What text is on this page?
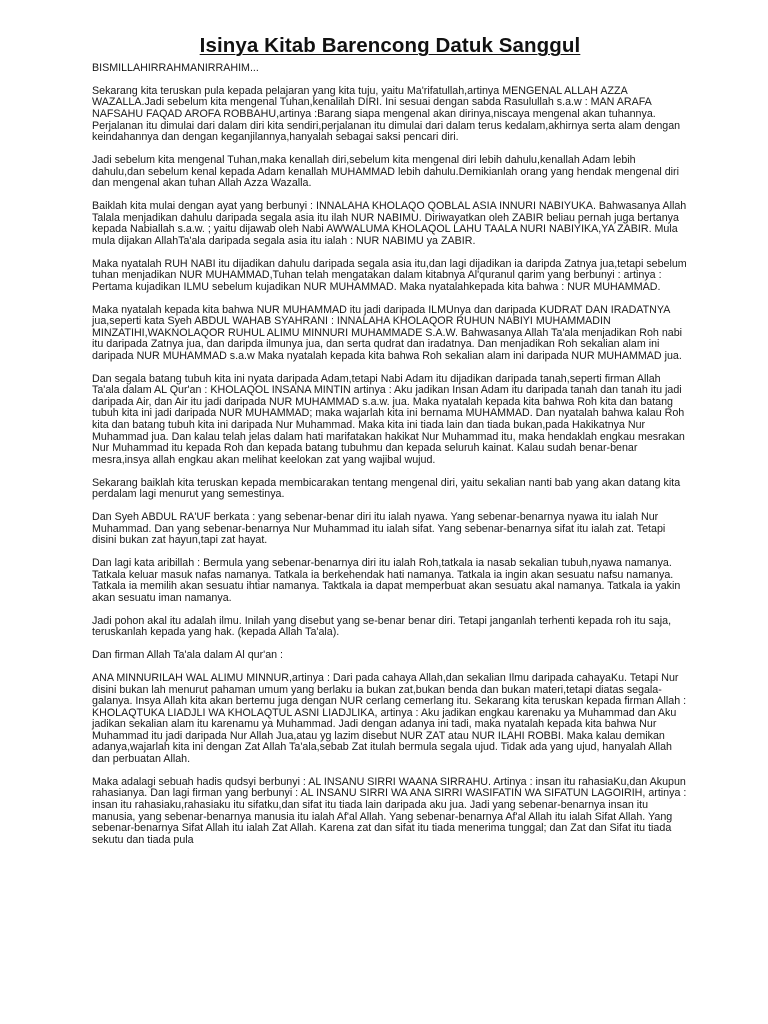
Isinya Kitab Barencong Datuk Sanggul

BISMILLAHIRRAHMANIRRAHIM...

Sekarang kita teruskan pula kepada pelajaran yang kita tuju, yaitu Ma'rifatullah,artinya MENGENAL ALLAH AZZA WAZALLA.Jadi sebelum kita mengenal Tuhan,kenalilah DIRI. Ini sesuai dengan sabda Rasulullah s.a.w : MAN ARAFA NAFSAHU FAQAD AROFA ROBBAHU,artinya :Barang siapa mengenal akan dirinya,niscaya mengenal akan tuhannya. Perjalanan itu dimulai dari dalam diri kita sendiri,perjalanan itu dimulai dari dalam terus kedalam,akhirnya serta alam dengan keindahannya dan dengan keganjilannya,hanyalah sebagai saksi pencari diri.

Jadi sebelum kita mengenal Tuhan,maka kenallah diri,sebelum kita mengenal diri lebih dahulu,kenallah Adam lebih dahulu,dan sebelum kenal kepada Adam kenallah MUHAMMAD lebih dahulu.Demikianlah orang yang hendak mengenal diri dan mengenal akan tuhan Allah Azza Wazalla.

Baiklah kita mulai dengan ayat yang berbunyi : INNALAHA KHOLAQO QOBLAL ASIA INNURI NABIYUKA. Bahwasanya Allah Talala menjadikan dahulu daripada segala asia itu ilah NUR NABIMU. Diriwayatkan oleh ZABIR beliau pernah juga bertanya kepada Nabiallah s.a.w. ; yaitu dijawab oleh Nabi AWWALUMA KHOLAQOL LAHU TAALA NURI NABIYIKA,YA ZABIR. Mula mula dijakan AllahTa'ala daripada segala asia itu ialah : NUR NABIMU ya ZABIR.

Maka nyatalah RUH NABI itu dijadikan dahulu daripada segala asia itu,dan lagi dijadikan ia daripda Zatnya jua,tetapi sebelum tuhan menjadikan NUR MUHAMMAD,Tuhan telah mengatakan dalam kitabnya Al'quranul qarim yang berbunyi : artinya : Pertama kujadikan ILMU sebelum kujadikan NUR MUHAMMAD. Maka nyatalahkepada kita bahwa : NUR MUHAMMAD.

Maka nyatalah kepada kita bahwa NUR MUHAMMAD itu jadi daripada ILMUnya dan daripada KUDRAT DAN IRADATNYA jua,seperti kata Syeh ABDUL WAHAB SYAHRANI : INNALAHA KHOLAQOR RUHUN NABIYI MUHAMMADIN MINZATIHI,WAKNOLAQOR RUHUL ALIMU MINNURI MUHAMMADE S.A.W. Bahwasanya Allah Ta'ala menjadikan Roh nabi itu daripada Zatnya jua, dan daripda ilmunya jua, dan serta qudrat dan iradatnya. Dan menjadikan Roh sekalian alam ini daripada NUR MUHAMMAD s.a.w Maka nyatalah kepada kita bahwa Roh sekalian alam ini daripada NUR MUHAMMAD jua.

Dan segala batang tubuh kita ini nyata daripada Adam,tetapi Nabi Adam itu dijadikan daripada tanah,seperti firman Allah Ta'ala dalam AL Qur'an : KHOLAQOL INSANA MINTIN artinya : Aku jadikan Insan Adam itu daripada tanah dan tanah itu jadi daripada Air, dan Air itu jadi daripada NUR MUHAMMAD s.a.w. jua. Maka nyatalah kepada kita bahwa Roh kita dan batang tubuh kita ini jadi daripada NUR MUHAMMAD; maka wajarlah kita ini bernama MUHAMMAD. Dan nyatalah bahwa kalau Roh kita dan batang tubuh kita ini daripada Nur Muhammad. Maka kita ini tiada lain dan tiada bukan,pada Hakikatnya Nur Muhammad jua. Dan kalau telah jelas dalam hati marifatakan hakikat Nur Muhammad itu, maka hendaklah engkau mesrakan Nur Muhammad itu kepada Roh dan kepada batang tubuhmu dan kepada seluruh kainat. Kalau sudah benar-benar mesra,insya allah engkau akan melihat keelokan zat yang wajibal wujud.

Sekarang baiklah kita teruskan kepada membicarakan tentang mengenal diri, yaitu sekalian nanti bab yang akan datang kita perdalam lagi menurut yang semestinya.

Dan Syeh ABDUL RA'UF berkata : yang sebenar-benar diri itu ialah nyawa. Yang sebenar-benarnya nyawa itu ialah Nur Muhammad. Dan yang sebenar-benarnya Nur Muhammad itu ialah sifat. Yang sebenar-benarnya sifat itu ialah zat. Tetapi disini bukan zat hayun,tapi zat hayat.

Dan lagi kata aribillah : Bermula yang sebenar-benarnya diri itu ialah Roh,tatkala ia nasab sekalian tubuh,nyawa namanya. Tatkala keluar masuk nafas namanya. Tatkala ia berkehendak hati namanya. Tatkala ia ingin akan sesuatu nafsu namanya. Tatkala ia memilih akan sesuatu ihtiar namanya. Taktkala ia dapat memperbuat akan sesuatu akal namanya. Tatkala ia yakin akan sesuatu iman namanya.

Jadi pohon akal itu adalah ilmu. Inilah yang disebut yang se-benar benar diri. Tetapi janganlah terhenti kepada roh itu saja, teruskanlah kepada yang hak. (kepada Allah Ta'ala).

Dan firman Allah Ta'ala dalam Al qur'an :

ANA MINNURILAH WAL ALIMU MINNUR,artinya : Dari pada cahaya Allah,dan sekalian Ilmu daripada cahayaKu. Tetapi Nur disini bukan lah menurut pahaman umum yang berlaku ia bukan zat,bukan benda dan bukan materi,tetapi diatas segala-galanya. Insya Allah kita akan bertemu juga dengan NUR cerlang cemerlang itu. Sekarang kita teruskan kepada firman Allah : KHOLAQTUKA LIADJLI WA KHOLAQTUL ASNI LIADJLIKA, artinya : Aku jadikan engkau karenaku ya Muhammad dan Aku jadikan sekalian alam itu karenamu ya Muhammad. Jadi dengan adanya ini tadi, maka nyatalah kepada kita bahwa Nur Muhammad itu jadi daripada Nur Allah Jua,atau yg lazim disebut NUR ZAT atau NUR ILAHI ROBBI. Maka kalau demikan adanya,wajarlah kita ini dengan Zat Allah Ta'ala,sebab Zat itulah bermula segala ujud. Tidak ada yang ujud, hanyalah Allah dan perbuatan Allah.

Maka adalagi sebuah hadis qudsyi berbunyi : AL INSANU SIRRI WAANA SIRRAHU. Artinya : insan itu rahasiaKu,dan Akupun rahasianya. Dan lagi firman yang berbunyi : AL INSANU SIRRI WA ANA SIRRI WASIFATIN WA SIFATUN LAGOIRIH, artinya : insan itu rahasiaku,rahasiaku itu sifatku,dan sifat itu tiada lain daripada aku jua. Jadi yang sebenar-benarnya insan itu manusia, yang sebenar-benarnya manusia itu ialah Af'al Allah. Yang sebenar-benarnya Af'al Allah itu ialah Sifat Allah. Yang sebenar-benarnya Sifat Allah itu ialah Zat Allah. Karena zat dan sifat itu tiada menerima tunggal; dan Zat dan Sifat itu tiada sekutu dan tiada pula
